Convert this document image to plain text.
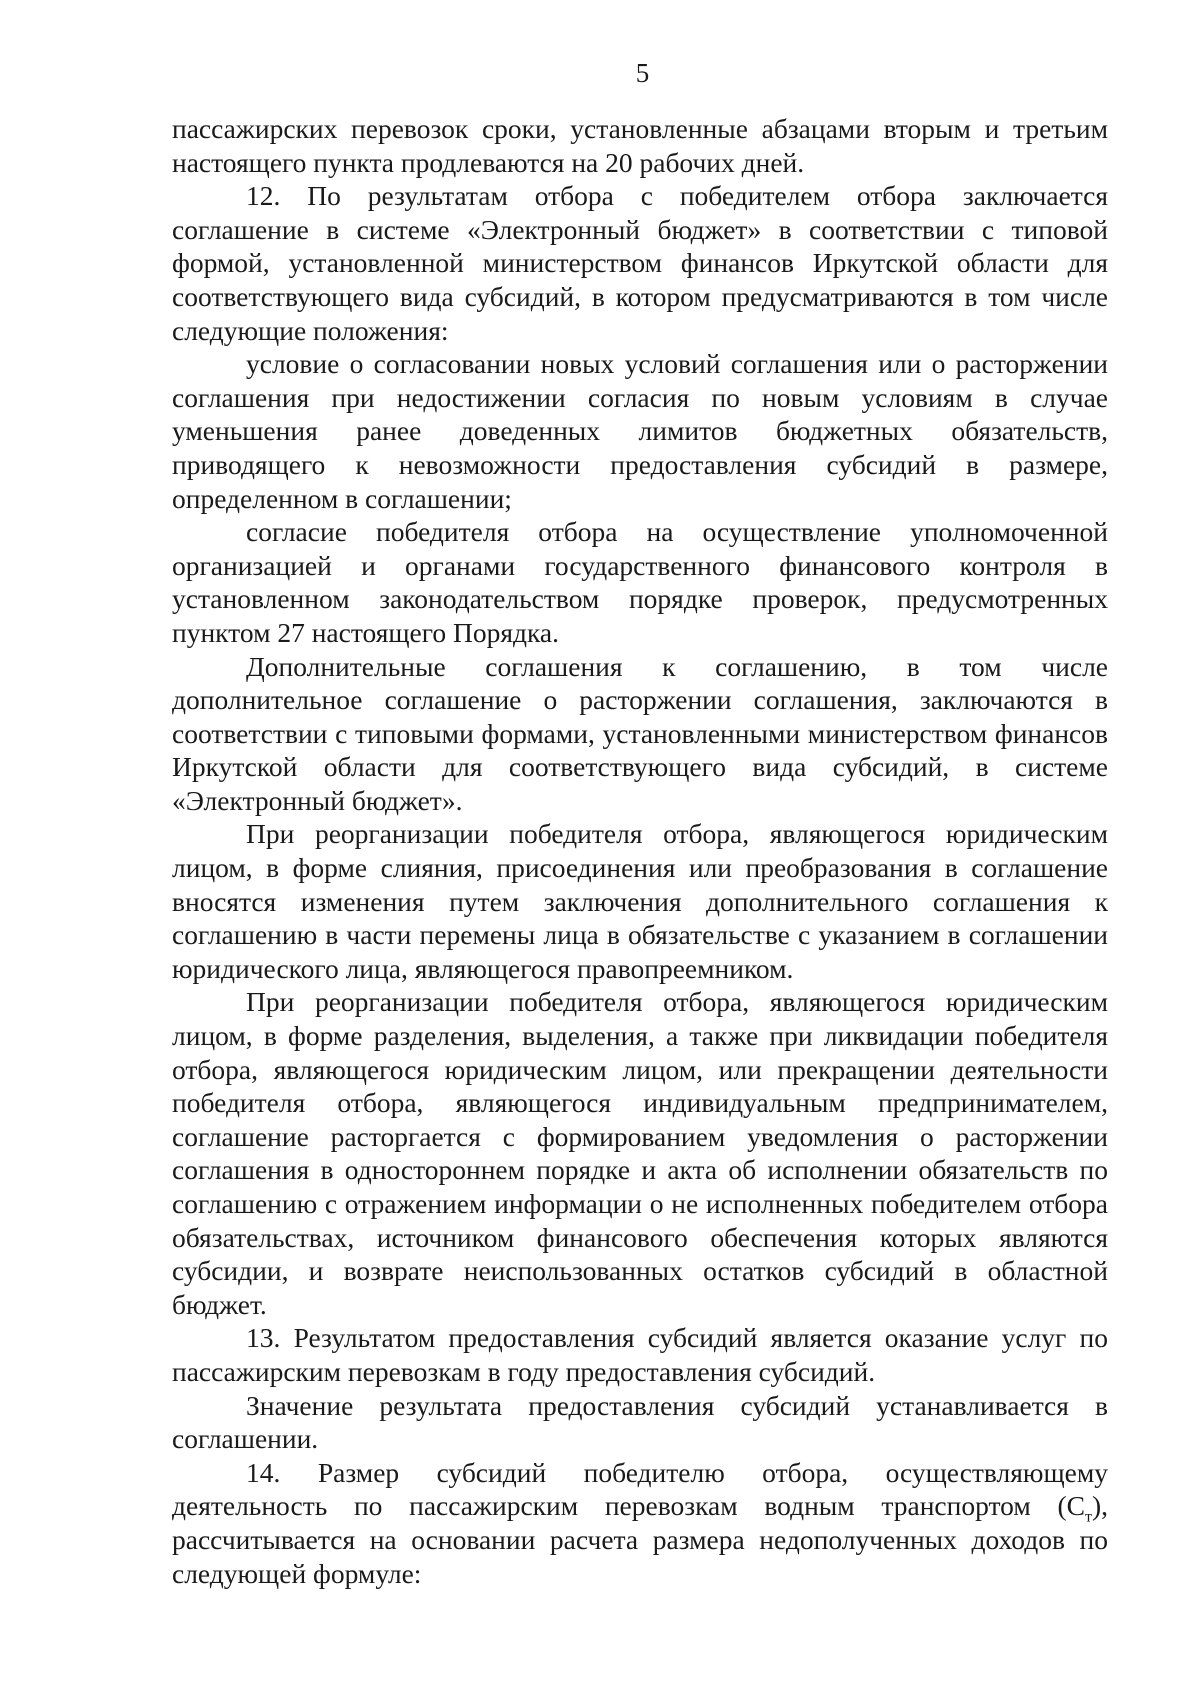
5

пассажирских перевозок сроки, установленные абзацами вторым и третьим настоящего пункта продлеваются на 20 рабочих дней.

12. По результатам отбора с победителем отбора заключается соглашение в системе «Электронный бюджет» в соответствии с типовой формой, установленной министерством финансов Иркутской области для соответствующего вида субсидий, в котором предусматриваются в том числе следующие положения:

условие о согласовании новых условий соглашения или о расторжении соглашения при недостижении согласия по новым условиям в случае уменьшения ранее доведенных лимитов бюджетных обязательств, приводящего к невозможности предоставления субсидий в размере, определенном в соглашении;

согласие победителя отбора на осуществление уполномоченной организацией и органами государственного финансового контроля в установленном законодательством порядке проверок, предусмотренных пунктом 27 настоящего Порядка.

Дополнительные соглашения к соглашению, в том числе дополнительное соглашение о расторжении соглашения, заключаются в соответствии с типовыми формами, установленными министерством финансов Иркутской области для соответствующего вида субсидий, в системе «Электронный бюджет».

При реорганизации победителя отбора, являющегося юридическим лицом, в форме слияния, присоединения или преобразования в соглашение вносятся изменения путем заключения дополнительного соглашения к соглашению в части перемены лица в обязательстве с указанием в соглашении юридического лица, являющегося правопреемником.

При реорганизации победителя отбора, являющегося юридическим лицом, в форме разделения, выделения, а также при ликвидации победителя отбора, являющегося юридическим лицом, или прекращении деятельности победителя отбора, являющегося индивидуальным предпринимателем, соглашение расторгается с формированием уведомления о расторжении соглашения в одностороннем порядке и акта об исполнении обязательств по соглашению с отражением информации о не исполненных победителем отбора обязательствах, источником финансового обеспечения которых являются субсидии, и возврате неиспользованных остатков субсидий в областной бюджет.

13. Результатом предоставления субсидий является оказание услуг по пассажирским перевозкам в году предоставления субсидий.

Значение результата предоставления субсидий устанавливается в соглашении.

14. Размер субсидий победителю отбора, осуществляющему деятельность по пассажирским перевозкам водным транспортом $(С_т)$, рассчитывается на основании расчета размера недополученных доходов по следующей формуле:
